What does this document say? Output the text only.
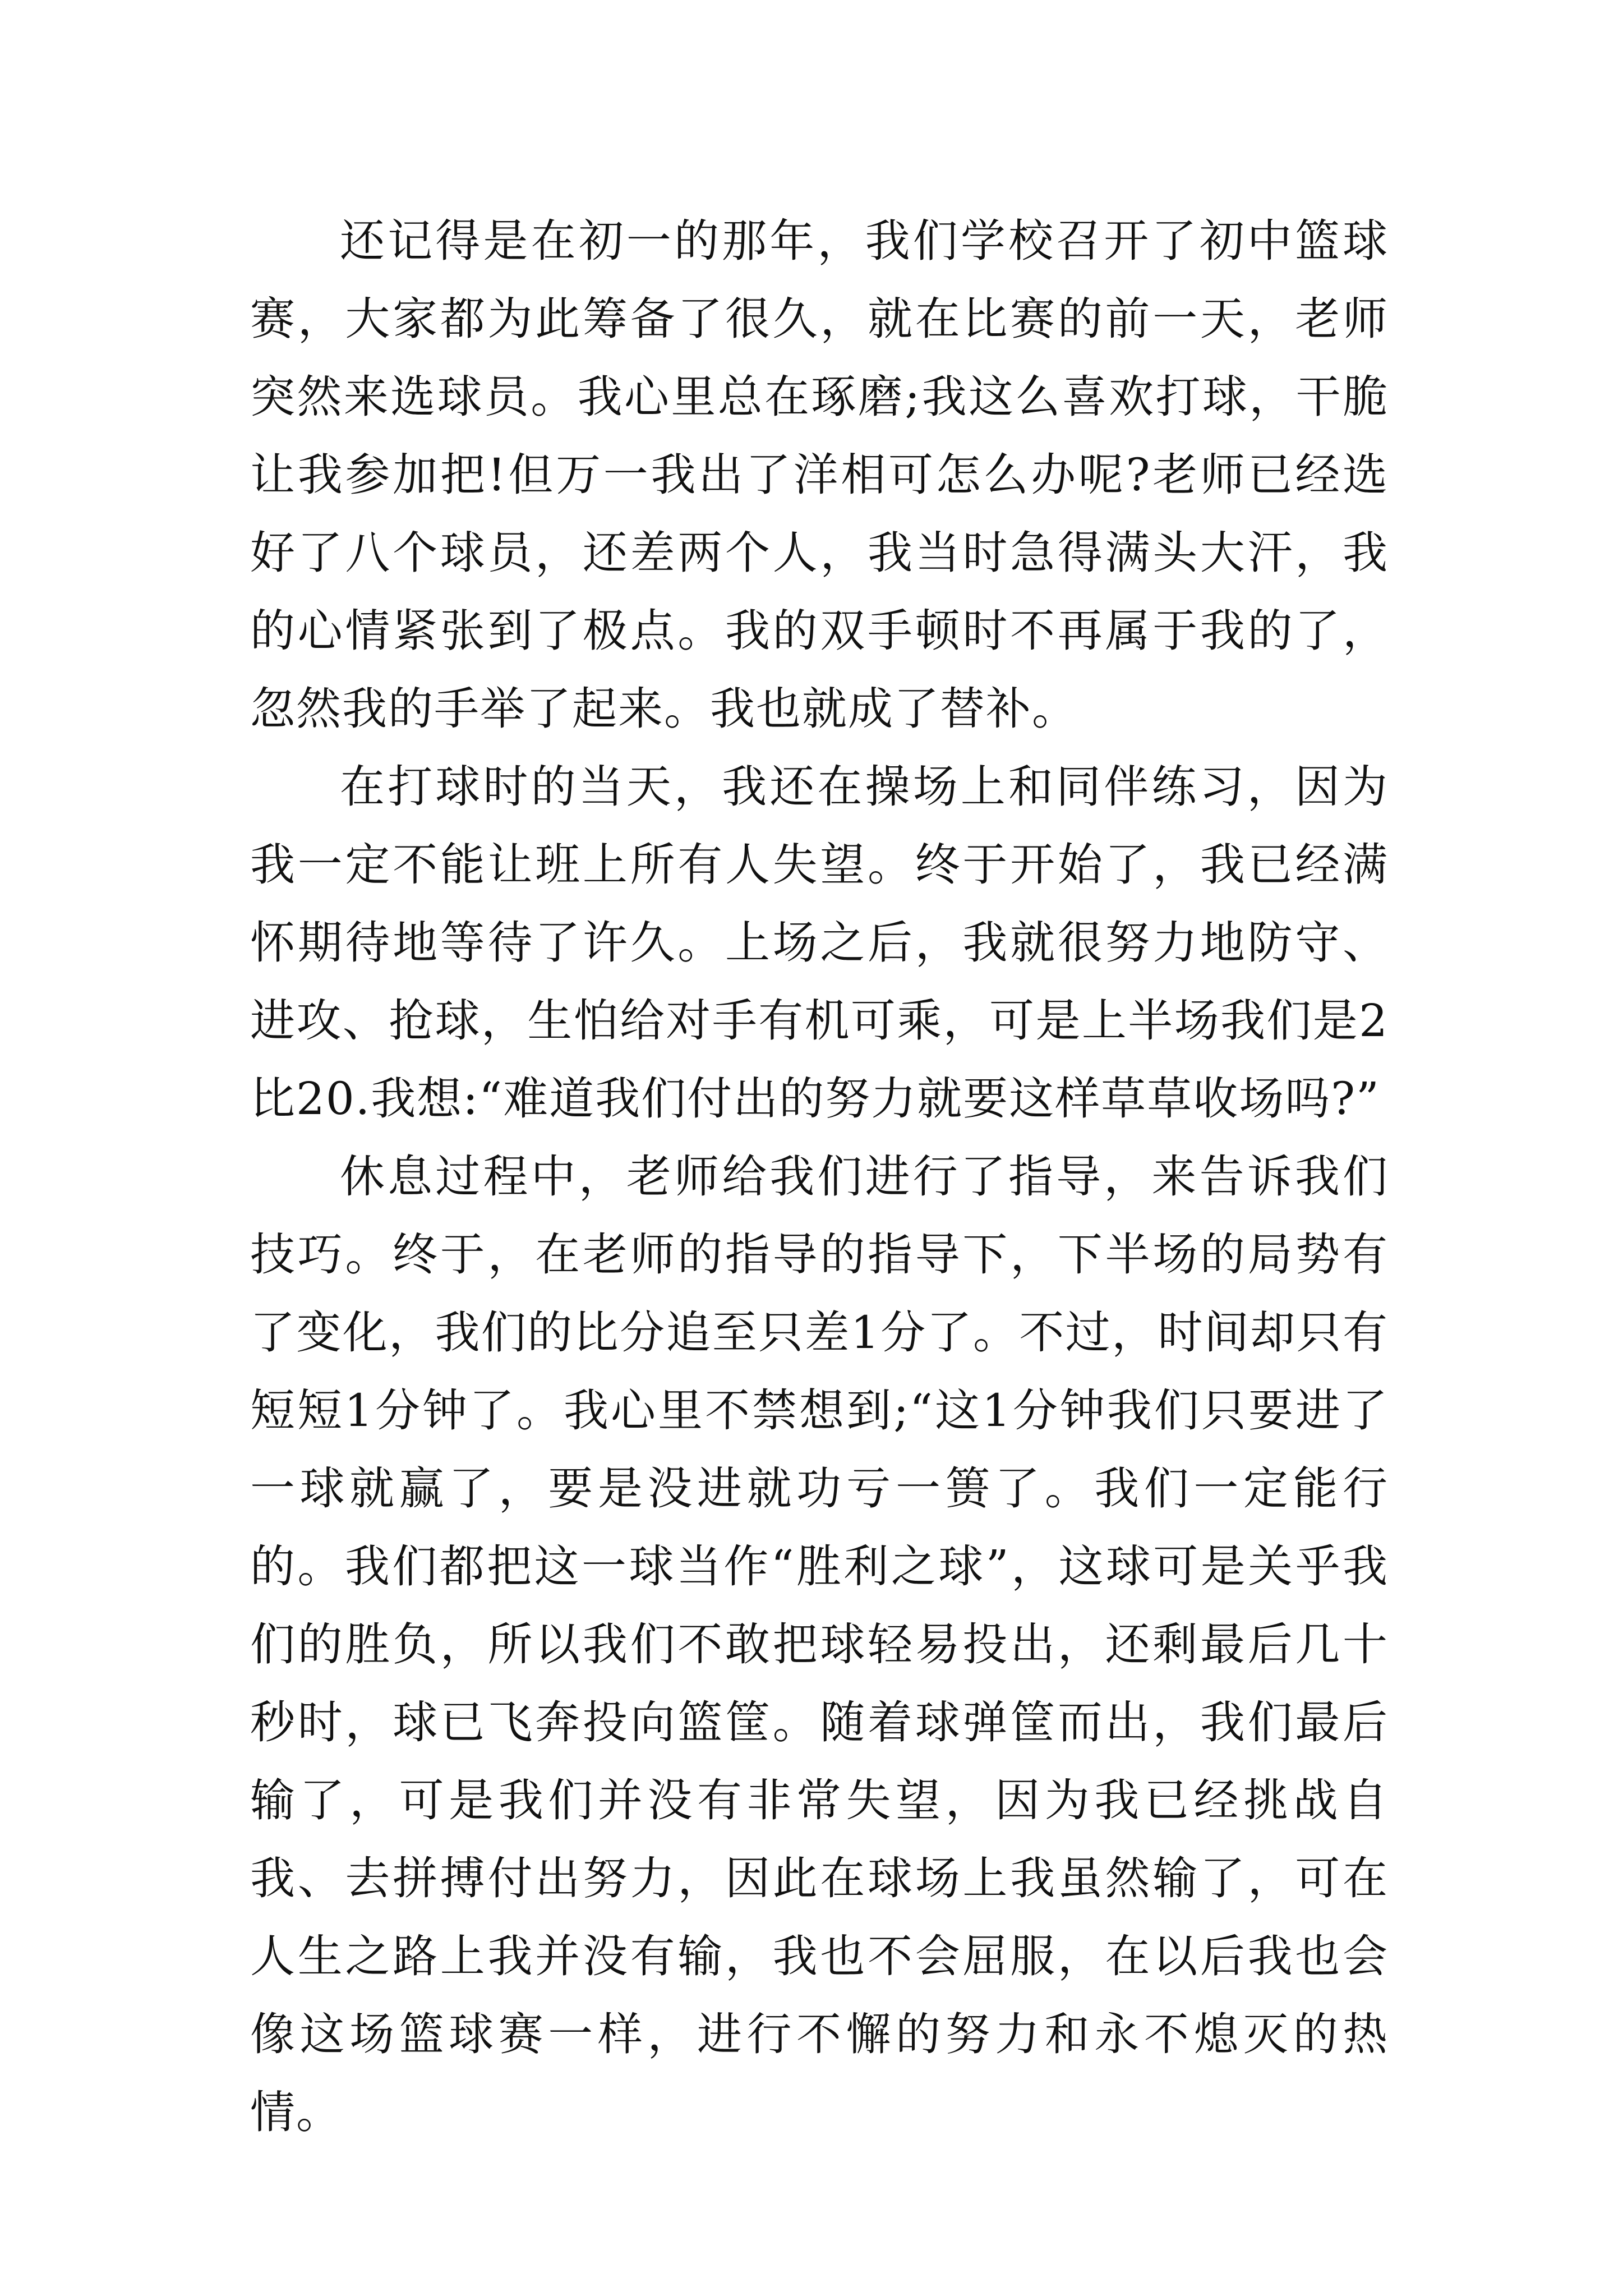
还记得是在初一的那年，我们学校召开了初中篮球赛，大家都为此筹备了很久，就在比赛的前一天，老师突然来选球员。我心里总在琢磨;我这么喜欢打球，干脆让我参加把!但万一我出了洋相可怎么办呢?老师已经选好了八个球员，还差两个人，我当时急得满头大汗，我的心情紧张到了极点。我的双手顿时不再属于我的了，忽然我的手举了起来。我也就成了替补。

在打球时的当天，我还在操场上和同伴练习，因为我一定不能让班上所有人失望。终于开始了，我已经满怀期待地等待了许久。上场之后，我就很努力地防守、进攻、抢球，生怕给对手有机可乘，可是上半场我们是2比20.我想:“难道我们付出的努力就要这样草草收场吗?”

休息过程中，老师给我们进行了指导，来告诉我们技巧。终于，在老师的指导的指导下，下半场的局势有了变化，我们的比分追至只差1分了。不过，时间却只有短短1分钟了。我心里不禁想到;“这1分钟我们只要进了一球就赢了，要是没进就功亏一篑了。我们一定能行的。我们都把这一球当作“胜利之球”，这球可是关乎我们的胜负，所以我们不敢把球轻易投出，还剩最后几十秒时，球已飞奔投向篮筐。随着球弹筐而出，我们最后输了，可是我们并没有非常失望，因为我已经挑战自我、去拼搏付出努力，因此在球场上我虽然输了，可在人生之路上我并没有输，我也不会屈服，在以后我也会像这场篮球赛一样，进行不懈的努力和永不熄灭的热情。
